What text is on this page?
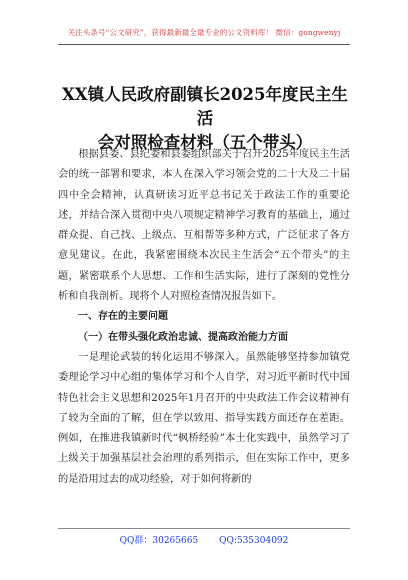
关注头条号“公文研究”，获得最新最全最专业的公文资料库！ 微信：gongwenyj
XX镇人民政府副镇长2025年度民主生活
会对照检查材料（五个带头）

根据县委、县纪委和县委组织部关于召开2025年度民主生活会的统一部署和要求，本人在深入学习领会党的二十大及二十届四中全会精神，认真研读习近平总书记关于政法工作的重要论述，并结合深入贯彻中央八项规定精神学习教育的基础上，通过群众提、自己找、上级点、互相帮等多种方式，广泛征求了各方意见建议。在此，我紧密围绕本次民主生活会“五个带头”的主题，紧密联系个人思想、工作和生活实际，进行了深刻的党性分析和自我剖析。现将个人对照检查情况报告如下。

一、存在的主要问题

（一）在带头强化政治忠诚、提高政治能力方面

一是理论武装的转化运用不够深入。虽然能够坚持参加镇党委理论学习中心组的集体学习和个人自学，对习近平新时代中国特色社会主义思想和2025年1月召开的中央政法工作会议精神有了较为全面的了解，但在学以致用、指导实践方面还存在差距。例如，在推进我镇新时代“枫桥经验”本土化实践中，虽然学习了上级关于加强基层社会治理的系列指示，但在实际工作中，更多的是沿用过去的成功经验，对于如何将新的

QQ群：30265665 QQ:535304092
